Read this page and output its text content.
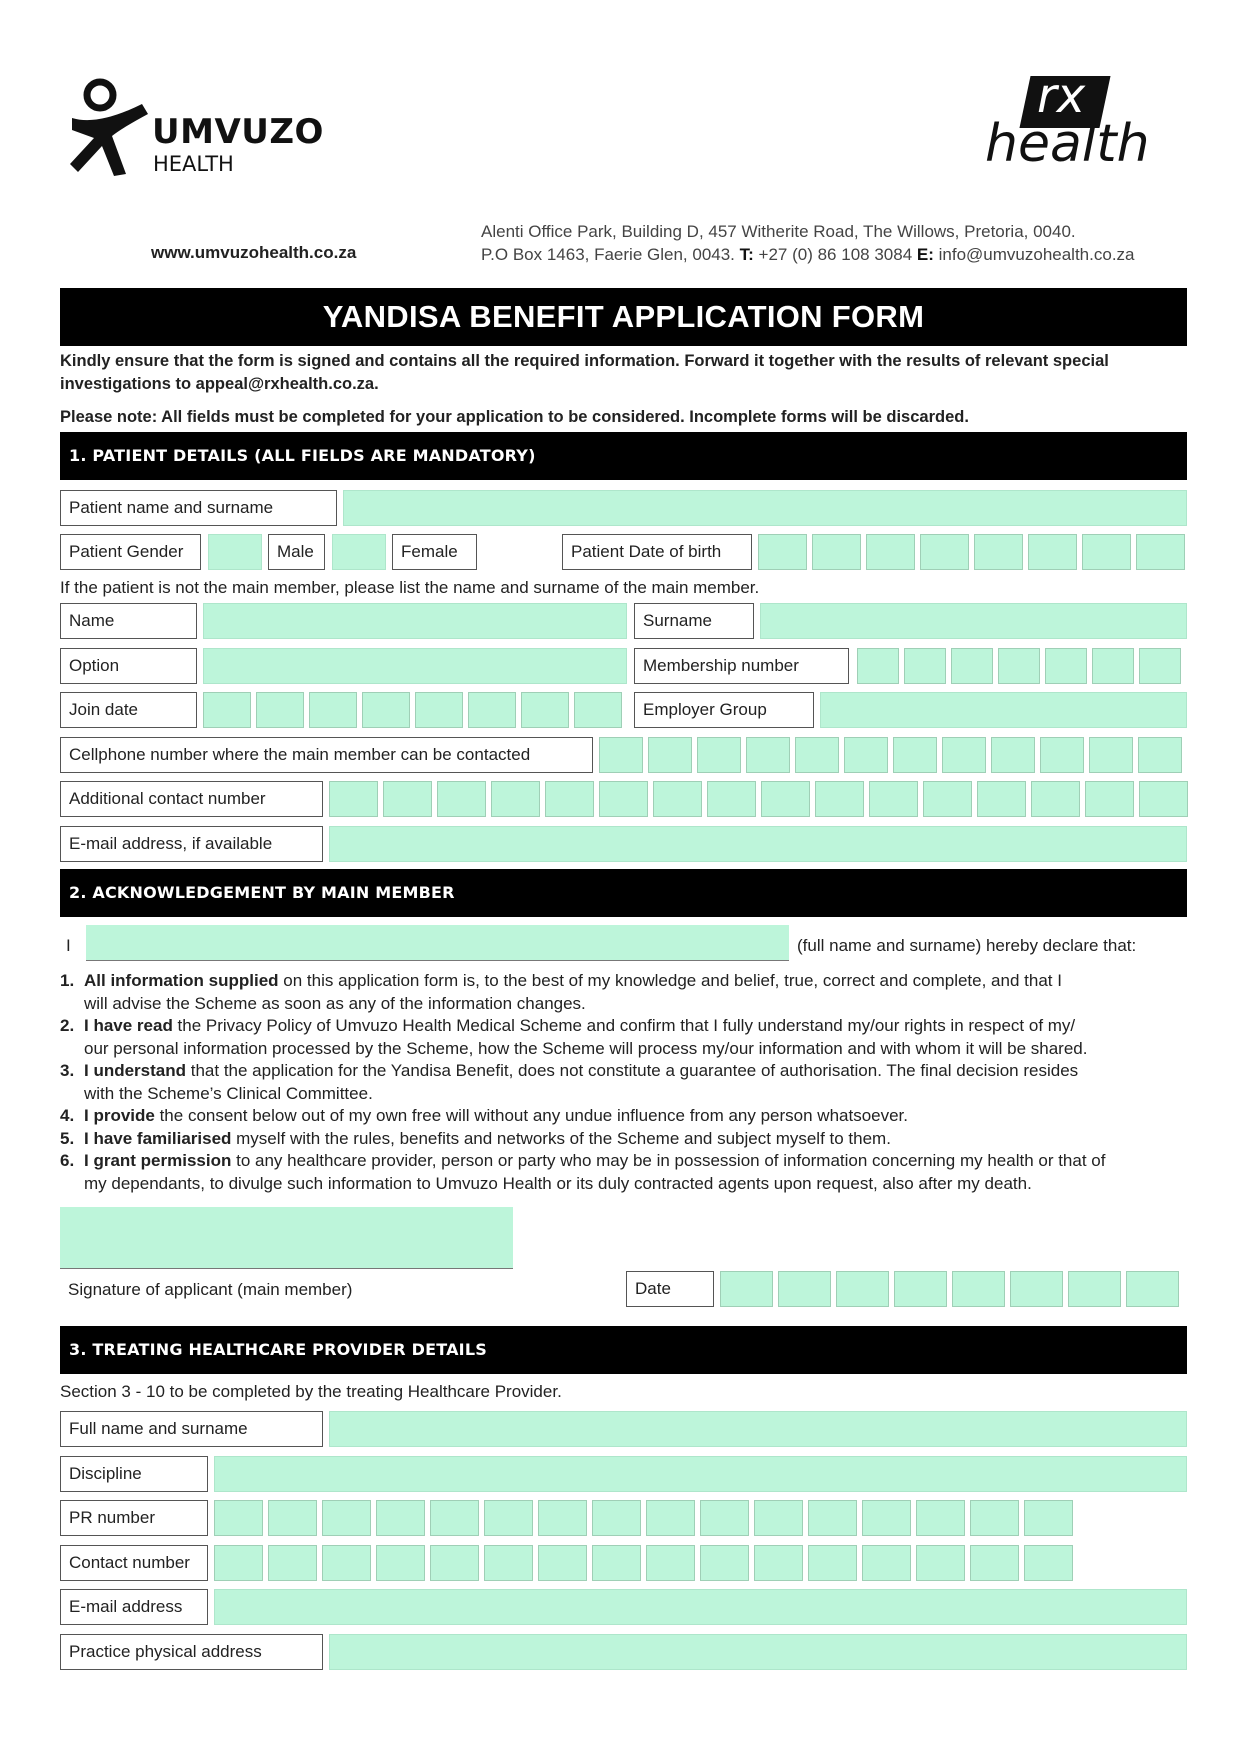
UMVUZO
HEALTH
rx
health
www.umvuzohealth.co.za
Alenti Office Park, Building D, 457 Witherite Road, The Willows, Pretoria, 0040.
P.O Box 1463, Faerie Glen, 0043. T: +27 (0) 86 108 3084 E: info@umvuzohealth.co.za
YANDISA BENEFIT APPLICATION FORM
Kindly ensure that the form is signed and contains all the required information. Forward it together with the results of relevant special
investigations to appeal@rxhealth.co.za.
Please note: All fields must be completed for your application to be considered. Incomplete forms will be discarded.
1. PATIENT DETAILS (ALL FIELDS ARE MANDATORY)
Patient name and surname
Patient Gender	Male	Female	Patient Date of birth
If the patient is not the main member, please list the name and surname of the main member.
Name	Surname
Option	Membership number
Join date	Employer Group
Cellphone number where the main member can be contacted
Additional contact number
E-mail address, if available
2. ACKNOWLEDGEMENT BY MAIN MEMBER
I	(full name and surname) hereby declare that:
1. All information supplied on this application form is, to the best of my knowledge and belief, true, correct and complete, and that I
will advise the Scheme as soon as any of the information changes.
2. I have read the Privacy Policy of Umvuzo Health Medical Scheme and confirm that I fully understand my/our rights in respect of my/
our personal information processed by the Scheme, how the Scheme will process my/our information and with whom it will be shared.
3. I understand that the application for the Yandisa Benefit, does not constitute a guarantee of authorisation. The final decision resides
with the Scheme’s Clinical Committee.
4. I provide the consent below out of my own free will without any undue influence from any person whatsoever.
5. I have familiarised myself with the rules, benefits and networks of the Scheme and subject myself to them.
6. I grant permission to any healthcare provider, person or party who may be in possession of information concerning my health or that of
my dependants, to divulge such information to Umvuzo Health or its duly contracted agents upon request, also after my death.
Signature of applicant (main member)	Date
3. TREATING HEALTHCARE PROVIDER DETAILS
Section 3 - 10 to be completed by the treating Healthcare Provider.
Full name and surname
Discipline
PR number
Contact number
E-mail address
Practice physical address
